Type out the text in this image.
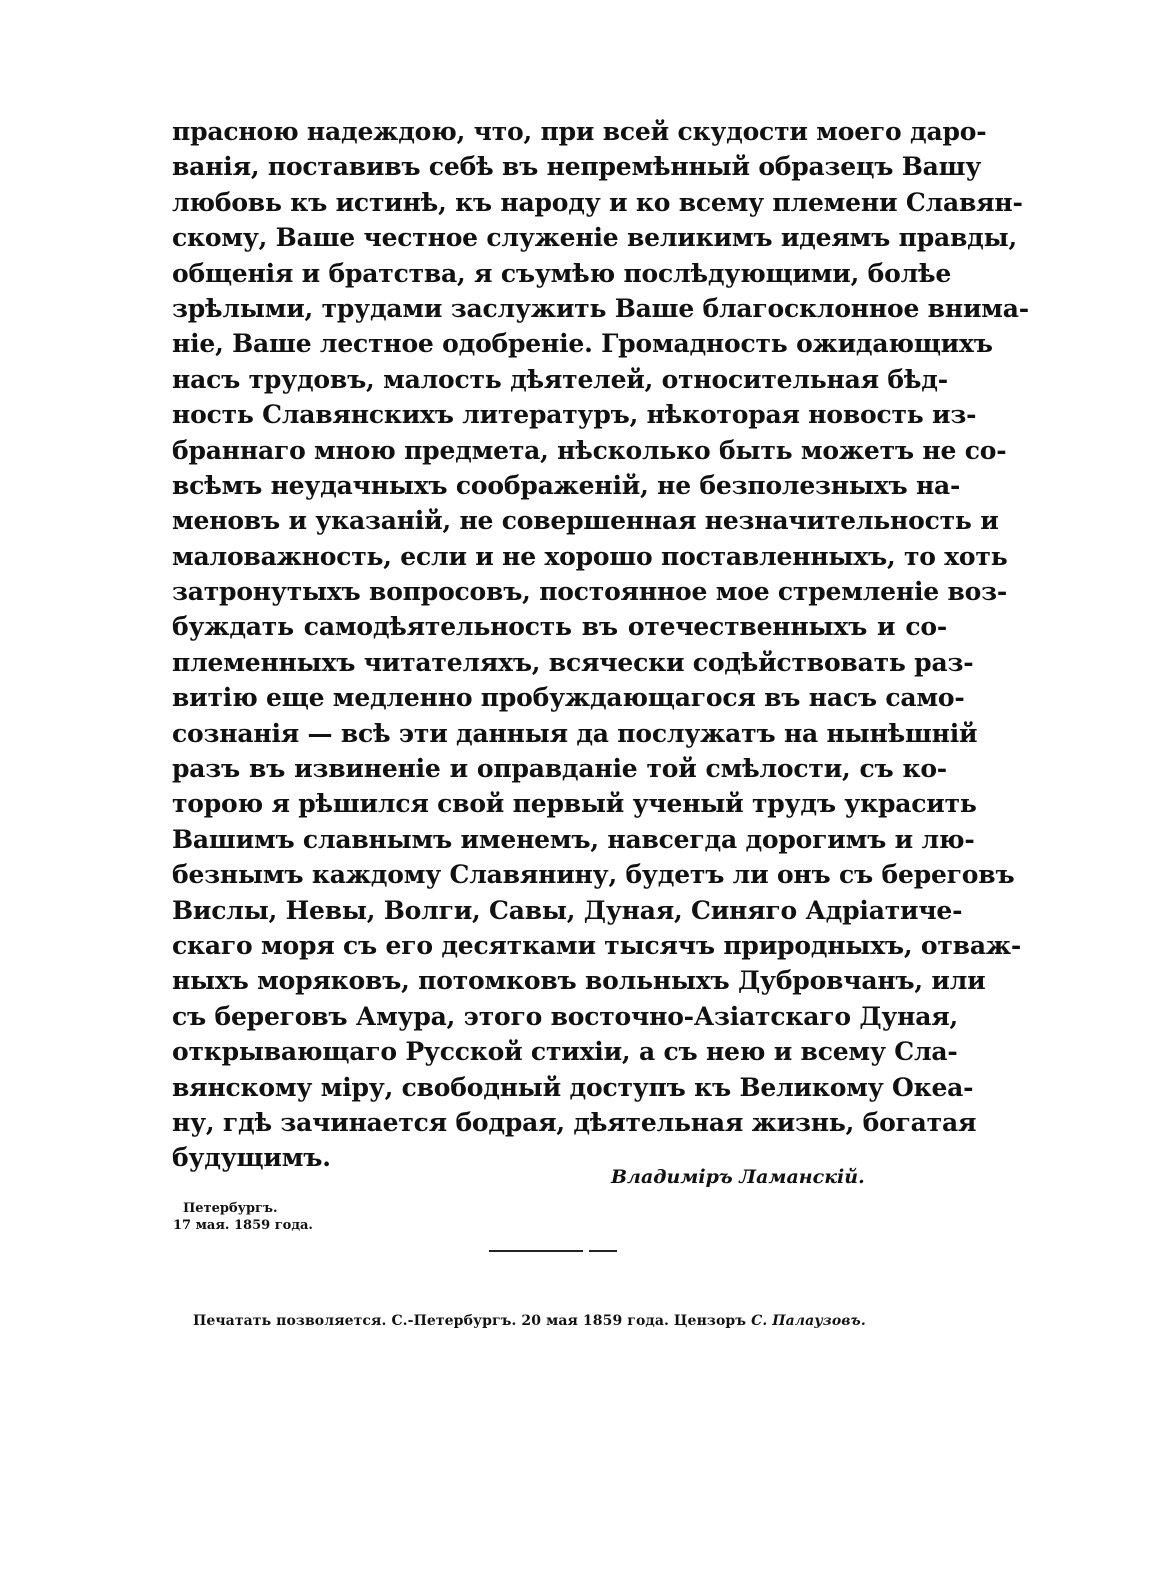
прасною надеждою, что, при всей скудости моего даро-
ванія, поставивъ себѣ въ непремѣнный образецъ Вашу
любовь къ истинѣ, къ народу и ко всему племени Славян-
скому, Ваше честное служеніе великимъ идеямъ правды,
общенія и братства, я съумѣю послѣдующими, болѣе
зрѣлыми, трудами заслужить Ваше благосклонное внима-
ніе, Ваше лестное одобреніе. Громадность ожидающихъ
насъ трудовъ, малость дѣятелей, относительная бѣд-
ность Славянскихъ литературъ, нѣкоторая новость из-
браннаго мною предмета, нѣсколько быть можетъ не со-
всѣмъ неудачныхъ соображеній, не безполезныхъ на-
меновъ и указаній, не совершенная незначительность и
маловажность, если и не хорошо поставленныхъ, то хоть
затронутыхъ вопросовъ, постоянное мое стремленіе воз-
буждать самодѣятельность въ отечественныхъ и со-
племенныхъ читателяхъ, всячески содѣйствовать раз-
витію еще медленно пробуждающагося въ насъ само-
сознанія — всѣ эти данныя да послужатъ на нынѣшній
разъ въ извиненіе и оправданіе той смѣлости, съ ко-
торою я рѣшился свой первый ученый трудъ украсить
Вашимъ славнымъ именемъ, навсегда дорогимъ и лю-
безнымъ каждому Славянину, будетъ ли онъ съ береговъ
Вислы, Невы, Волги, Савы, Дуная, Синяго Адріатиче-
скаго моря съ его десятками тысячъ природныхъ, отваж-
ныхъ моряковъ, потомковъ вольныхъ Дубровчанъ, или
съ береговъ Амура, этого восточно-Азіатскаго Дуная,
открывающаго Русской стихіи, а съ нею и всему Сла-
вянскому міру, свободный доступъ къ Великому Океа-
ну, гдѣ зачинается бодрая, дѣятельная жизнь, богатая
будущимъ.
Владиміръ Ламанскій.
Петербургъ.
17 мая. 1859 года.
Печатать позволяется. С.-Петербургъ. 20 мая 1859 года. Цензоръ С. Палаузовъ.
